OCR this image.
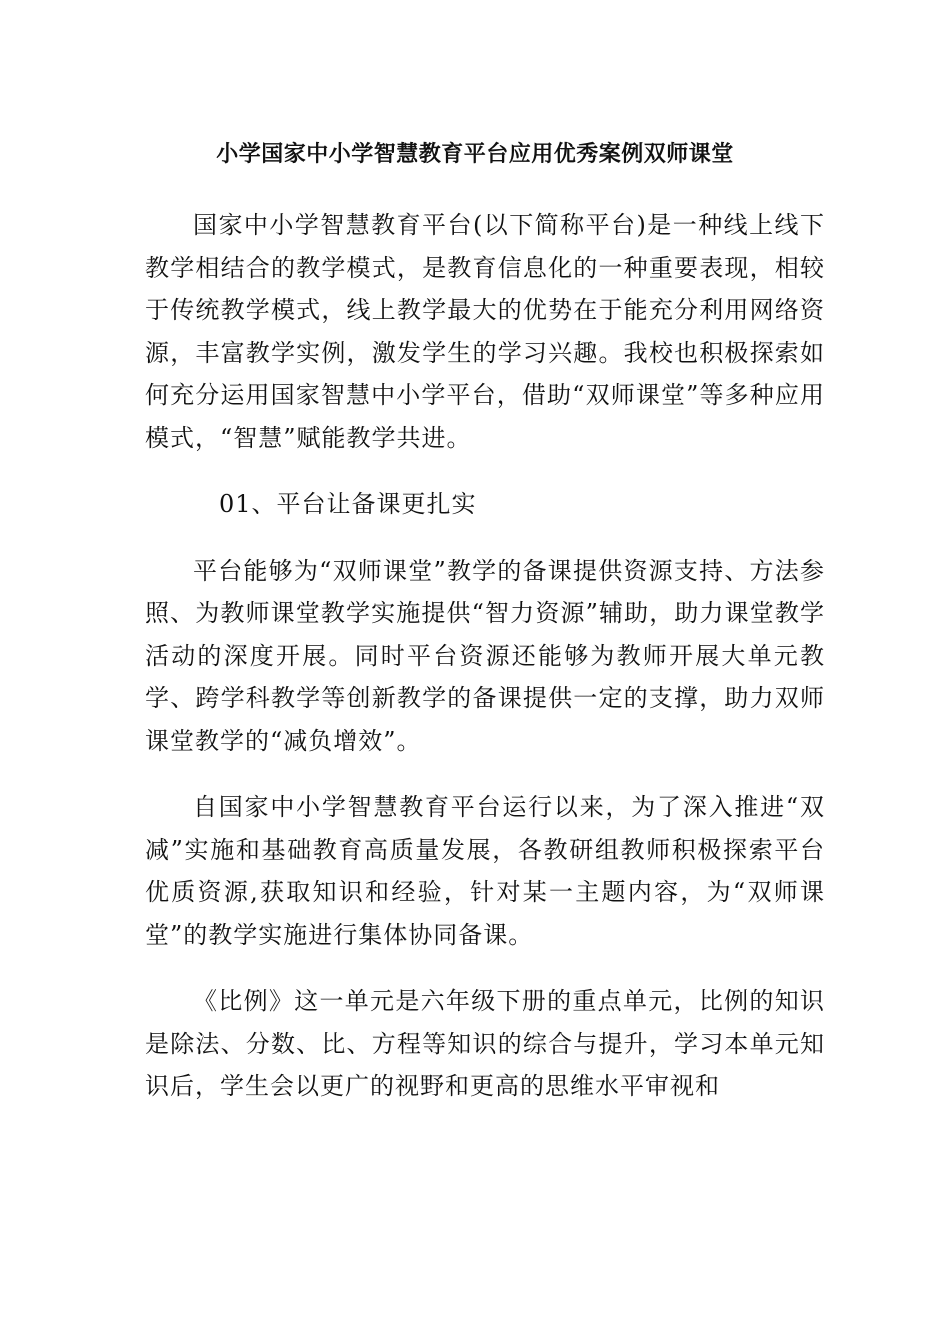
小学国家中小学智慧教育平台应用优秀案例双师课堂

国家中小学智慧教育平台(以下简称平台)是一种线上线下教学相结合的教学模式，是教育信息化的一种重要表现，相较于传统教学模式，线上教学最大的优势在于能充分利用网络资源，丰富教学实例，激发学生的学习兴趣。我校也积极探索如何充分运用国家智慧中小学平台，借助“双师课堂”等多种应用模式，“智慧”赋能教学共进。

01、平台让备课更扎实

平台能够为“双师课堂”教学的备课提供资源支持、方法参照、为教师课堂教学实施提供“智力资源”辅助，助力课堂教学活动的深度开展。同时平台资源还能够为教师开展大单元教学、跨学科教学等创新教学的备课提供一定的支撑，助力双师课堂教学的“减负增效”。

自国家中小学智慧教育平台运行以来，为了深入推进“双减”实施和基础教育高质量发展，各教研组教师积极探索平台优质资源,获取知识和经验，针对某一主题内容，为“双师课堂”的教学实施进行集体协同备课。

《比例》这一单元是六年级下册的重点单元，比例的知识是除法、分数、比、方程等知识的综合与提升，学习本单元知识后，学生会以更广的视野和更高的思维水平审视和
